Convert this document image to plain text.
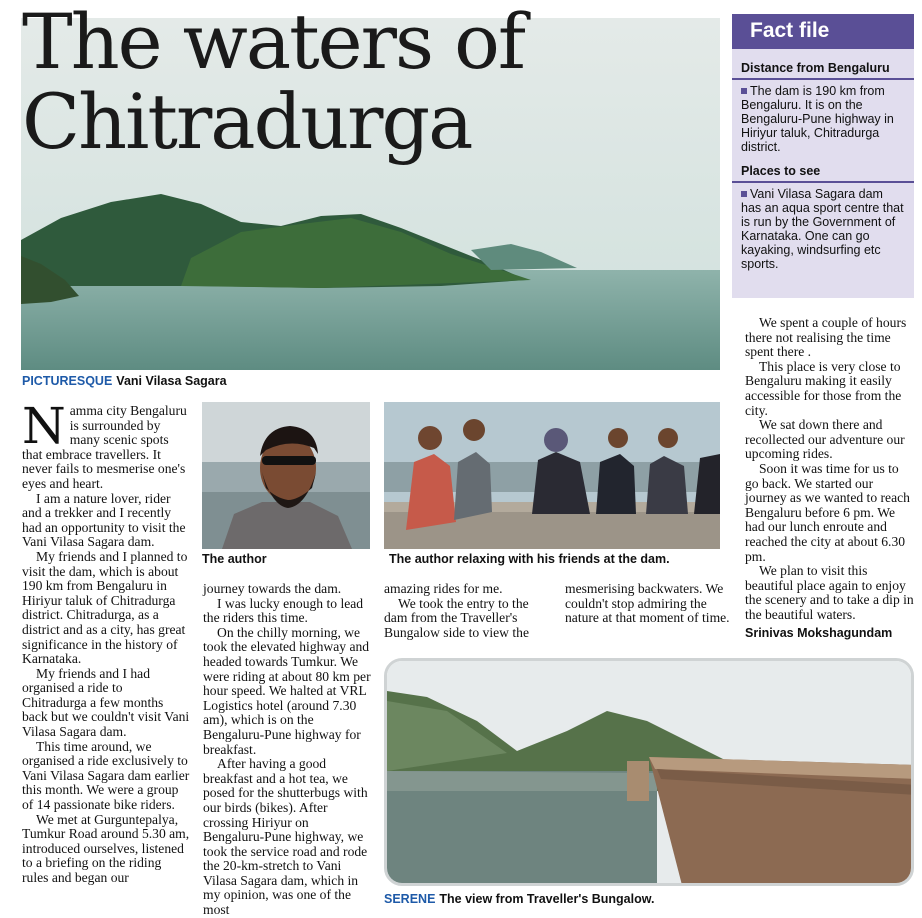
The waters of
Chitradurga
PICTURESQUE Vani Vilasa Sagara
Fact file
Distance from Bengaluru
The dam is 190 km from Bengaluru. It is on the Bengaluru-Pune highway in Hiriyur taluk, Chitradurga district.
Places to see
Vani Vilasa Sagara dam has an aqua sport centre that is run by the Government of Karnataka. One can go kayaking, windsurfing etc sports.
The author	The author relaxing with his friends at the dam.

Namma city Bengaluru is surrounded by many scenic spots that embrace travellers. It never fails to mesmerise one's eyes and heart.

I am a nature lover, rider and a trekker and I recently had an opportunity to visit the Vani Vilasa Sagara dam.

My friends and I planned to visit the dam, which is about 190 km from Bengaluru in Hiriyur taluk of Chitradurga district. Chitradurga, as a district and as a city, has great significance in the history of Karnataka.

My friends and I had organised a ride to Chitradurga a few months back but we couldn't visit Vani Vilasa Sagara dam.

This time around, we organised a ride exclusively to Vani Vilasa Sagara dam earlier this month. We were a group of 14 passionate bike riders.

We met at Gurguntepalya, Tumkur Road around 5.30 am, introduced ourselves, listened to a briefing on the riding rules and began our

journey towards the dam.

I was lucky enough to lead the riders this time.

On the chilly morning, we took the elevated highway and headed towards Tumkur. We were riding at about 80 km per hour speed. We halted at VRL Logistics hotel (around 7.30 am), which is on the Bengaluru-Pune highway for breakfast.

After having a good breakfast and a hot tea, we posed for the shutterbugs with our birds (bikes). After crossing Hiriyur on Bengaluru-Pune highway, we took the service road and rode the 20-km-stretch to Vani Vilasa Sagara dam, which in my opinion, was one of the most

amazing rides for me.

We took the entry to the dam from the Traveller's Bungalow side to view the

mesmerising backwaters. We couldn't stop admiring the nature at that moment of time.

We spent a couple of hours there not realising the time spent there .

This place is very close to Bengaluru making it easily accessible for those from the city.

We sat down there and recollected our adventure our upcoming rides.

Soon it was time for us to go back. We started our journey as we wanted to reach Bengaluru before 6 pm. We had our lunch enroute and reached the city at about 6.30 pm.

We plan to visit this beautiful place again to enjoy the scenery and to take a dip in the beautiful waters.

Srinivas Mokshagundam
SERENE The view from Traveller's Bungalow.
